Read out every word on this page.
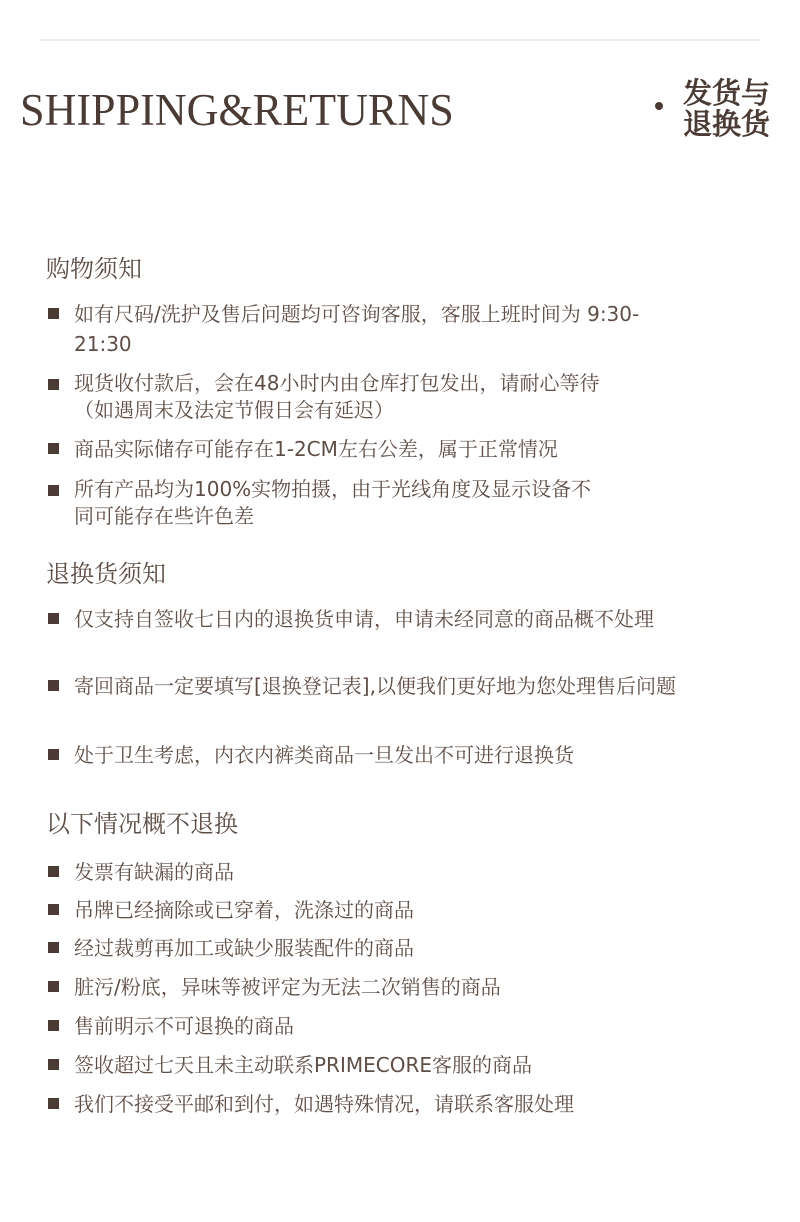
SHIPPING&RETURNS	发货与
退换货
购物须知
如有尺码/洗护及售后问题均可咨询客服，客服上班时间为 9:30-21:30
现货收付款后，会在48小时内由仓库打包发出，请耐心等待（如遇周末及法定节假日会有延迟）
商品实际储存可能存在1-2CM左右公差，属于正常情况
所有产品均为100%实物拍摄，由于光线角度及显示设备不同可能存在些许色差
退换货须知
仅支持自签收七日内的退换货申请，申请未经同意的商品概不处理
寄回商品一定要填写[退换登记表],以便我们更好地为您处理售后问题
处于卫生考虑，内衣内裤类商品一旦发出不可进行退换货
以下情况概不退换
发票有缺漏的商品
吊牌已经摘除或已穿着，洗涤过的商品
经过裁剪再加工或缺少服装配件的商品
脏污/粉底，异味等被评定为无法二次销售的商品
售前明示不可退换的商品
签收超过七天且未主动联系PRIMECORE客服的商品
我们不接受平邮和到付，如遇特殊情况，请联系客服处理
